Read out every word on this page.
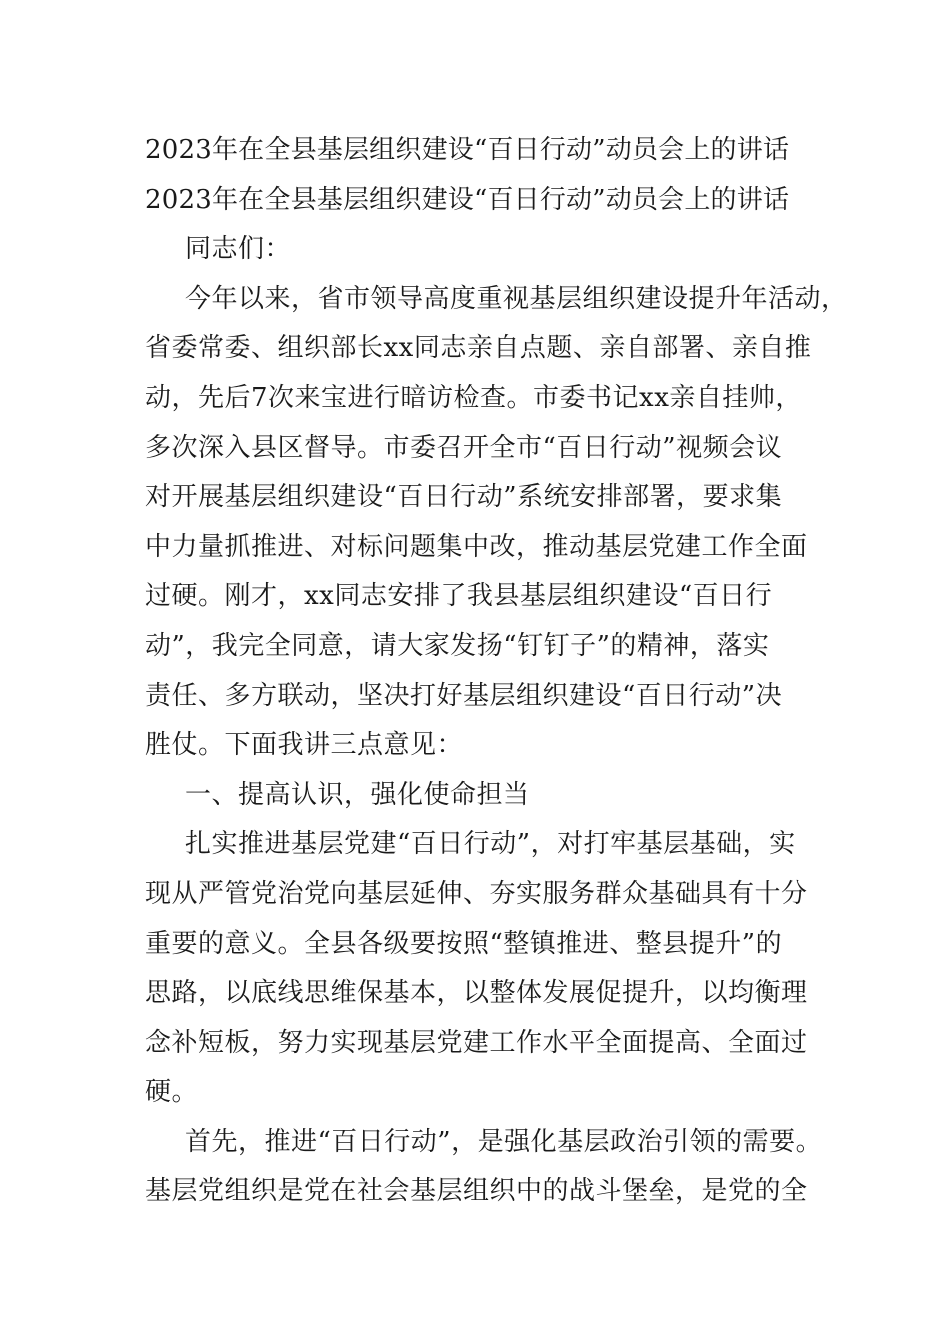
2023年在全县基层组织建设“百日行动”动员会上的讲话
2023年在全县基层组织建设“百日行动”动员会上的讲话
同志们：
今年以来，省市领导高度重视基层组织建设提升年活动，
省委常委、组织部长xx同志亲自点题、亲自部署、亲自推
动，先后7次来宝进行暗访检查。市委书记xx亲自挂帅，
多次深入县区督导。市委召开全市“百日行动”视频会议
对开展基层组织建设“百日行动”系统安排部署，要求集
中力量抓推进、对标问题集中改，推动基层党建工作全面
过硬。刚才，xx同志安排了我县基层组织建设“百日行
动”，我完全同意，请大家发扬“钉钉子”的精神，落实
责任、多方联动，坚决打好基层组织建设“百日行动”决
胜仗。下面我讲三点意见：
一、提高认识，强化使命担当
扎实推进基层党建“百日行动”，对打牢基层基础，实
现从严管党治党向基层延伸、夯实服务群众基础具有十分
重要的意义。全县各级要按照“整镇推进、整县提升”的
思路，以底线思维保基本，以整体发展促提升，以均衡理
念补短板，努力实现基层党建工作水平全面提高、全面过
硬。
首先，推进“百日行动”，是强化基层政治引领的需要。
基层党组织是党在社会基层组织中的战斗堡垒，是党的全
